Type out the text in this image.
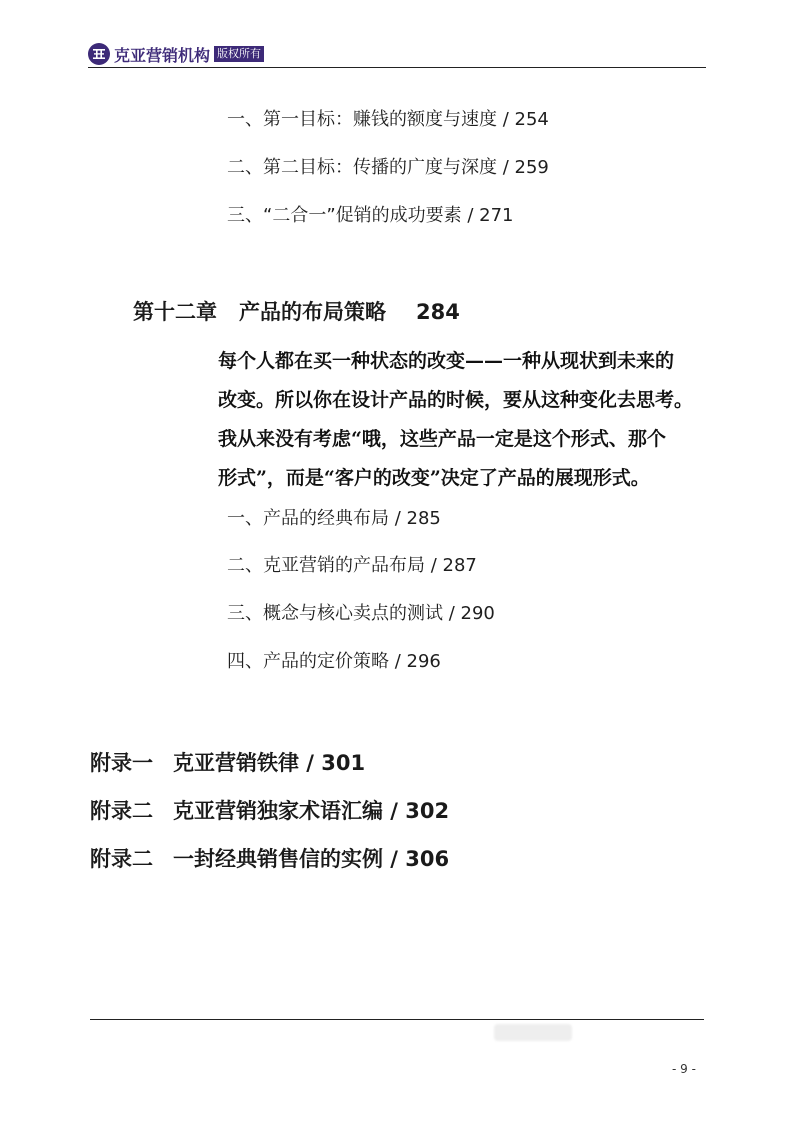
克亚营销机构 版权所有
一、第一目标：赚钱的额度与速度 / 254
二、第二目标：传播的广度与深度 / 259
三、“二合一”促销的成功要素 / 271
第十二章 产品的布局策略 284

每个人都在买一种状态的改变——一种从现状到未来的

改变。所以你在设计产品的时候，要从这种变化去思考。

我从来没有考虑“哦，这些产品一定是这个形式、那个

形式”，而是“客户的改变”决定了产品的展现形式。

一、产品的经典布局 / 285
二、克亚营销的产品布局 / 287
三、概念与核心卖点的测试 / 290
四、产品的定价策略 / 296
附录一 克亚营销铁律 / 301
附录二 克亚营销独家术语汇编 / 302
附录二 一封经典销售信的实例 / 306
- 9 -
